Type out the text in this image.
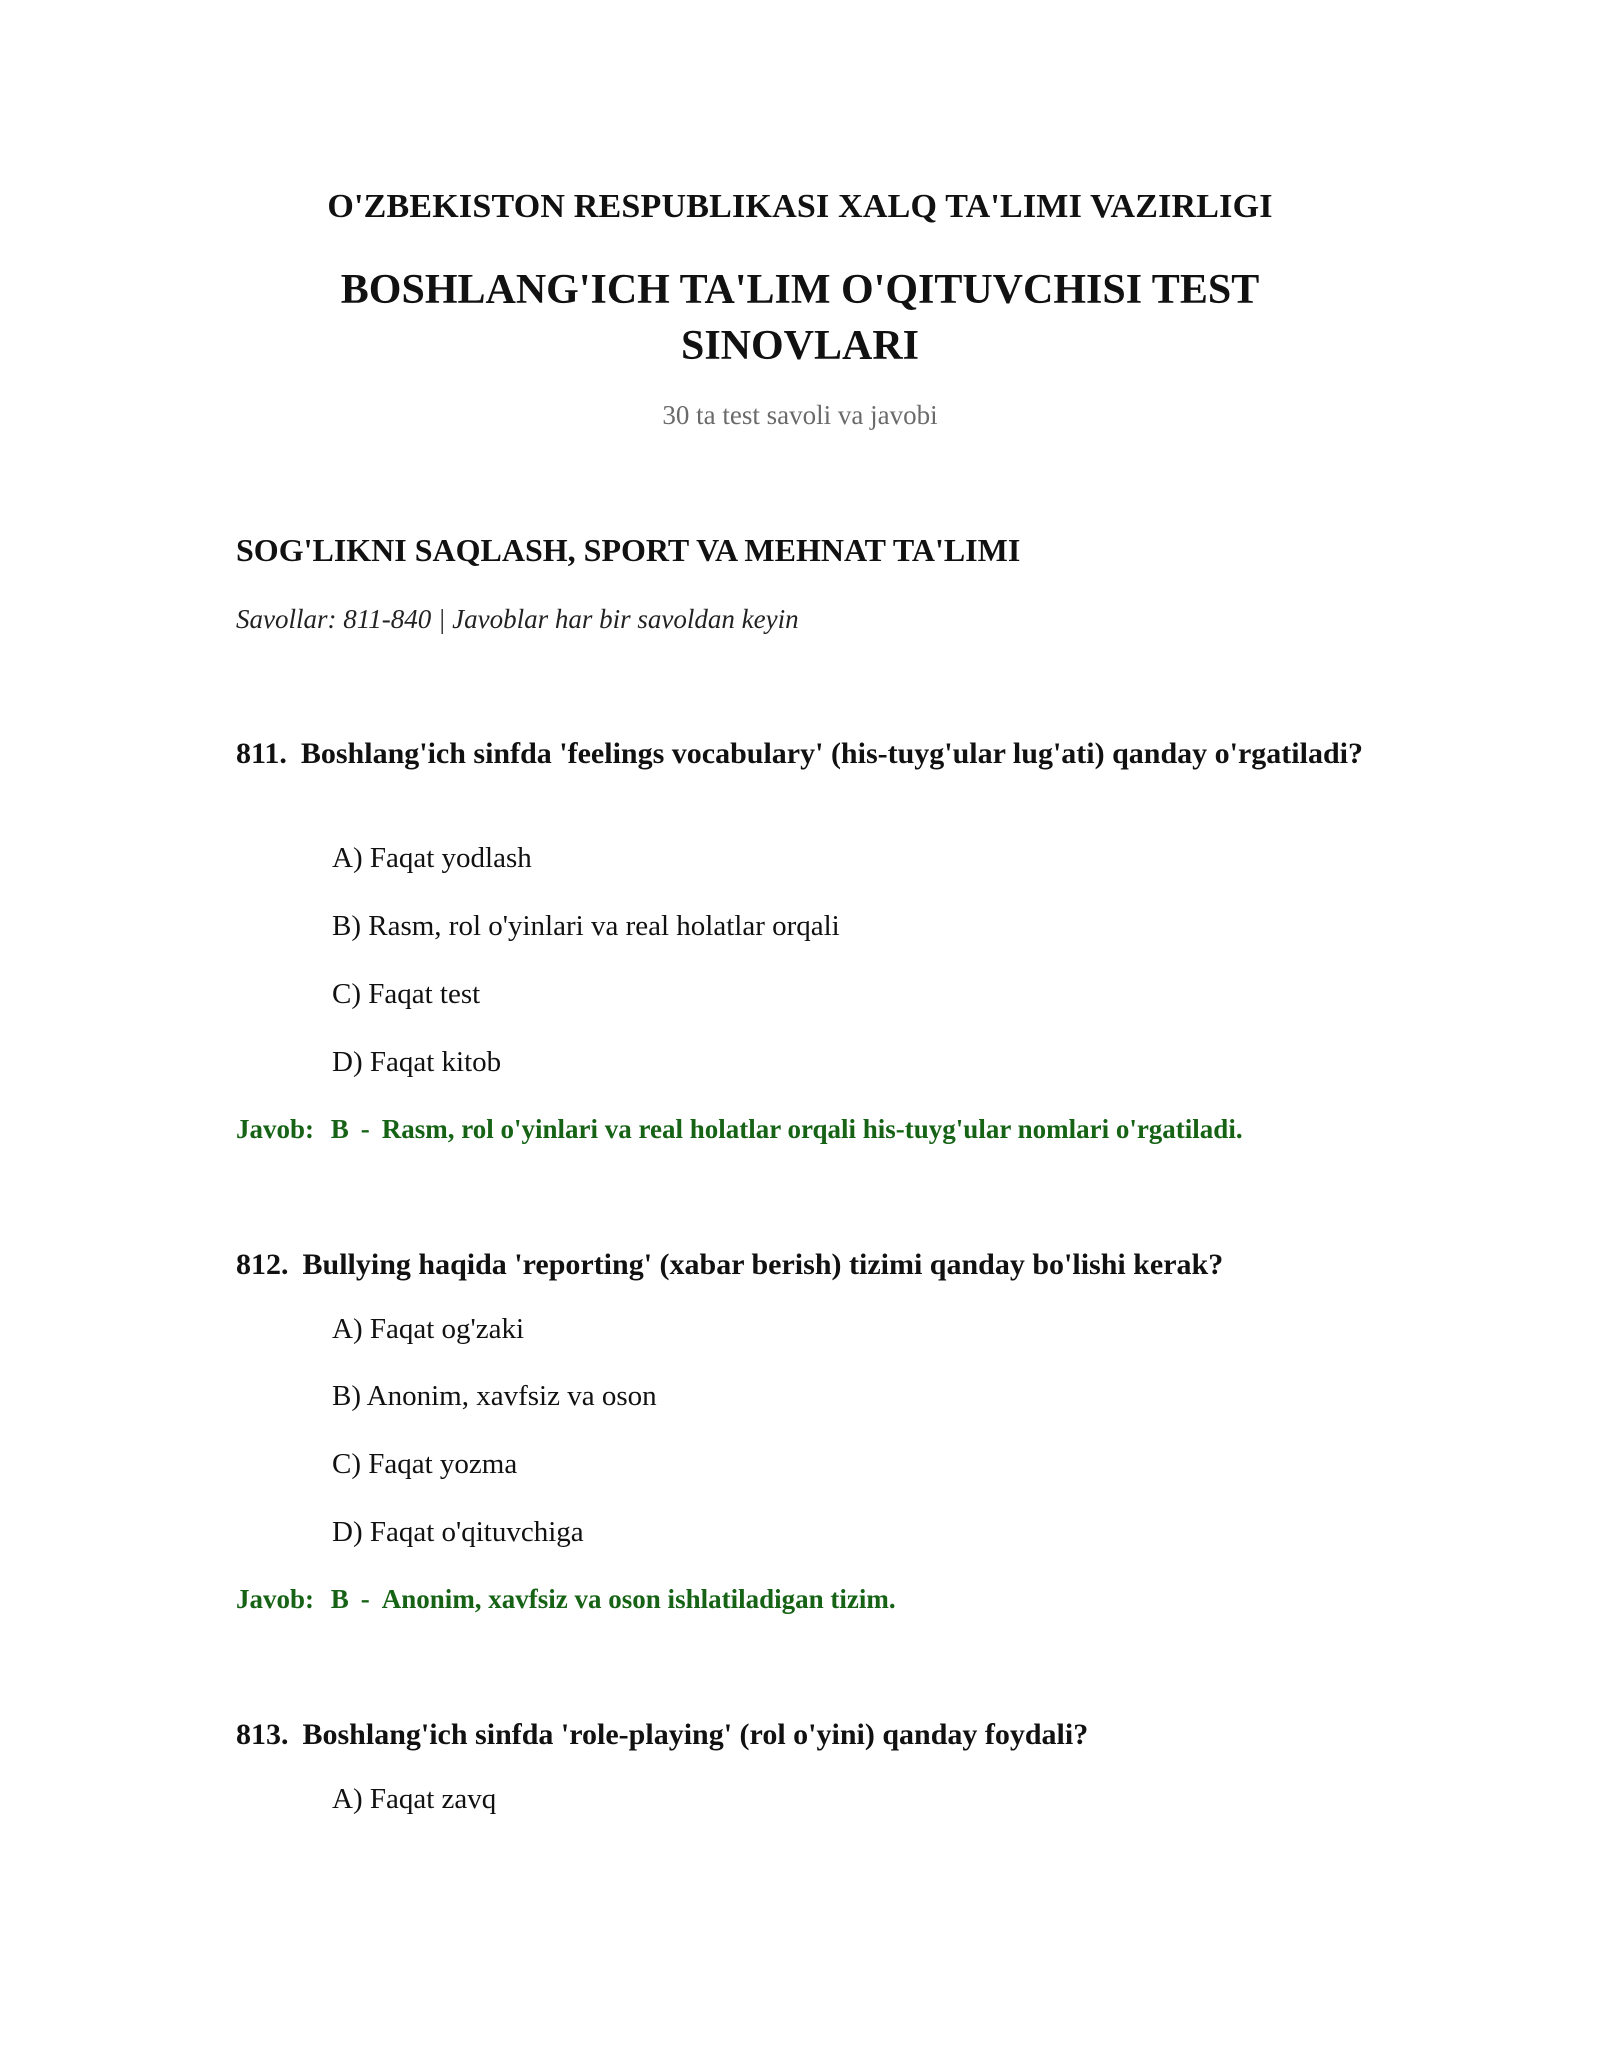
O'ZBEKISTON RESPUBLIKASI XALQ TA'LIMI VAZIRLIGI
BOSHLANG'ICH TA'LIM O'QITUVCHISI TEST SINOVLARI
30 ta test savoli va javobi
SOG'LIKNI SAQLASH, SPORT VA MEHNAT TA'LIMI
Savollar: 811-840 | Javoblar har bir savoldan keyin
811. Boshlang'ich sinfda 'feelings vocabulary' (his-tuyg'ular lug'ati) qanday o'rgatiladi?
A) Faqat yodlash
B) Rasm, rol o'yinlari va real holatlar orqali
C) Faqat test
D) Faqat kitob
Javob: B - Rasm, rol o'yinlari va real holatlar orqali his-tuyg'ular nomlari o'rgatiladi.
812. Bullying haqida 'reporting' (xabar berish) tizimi qanday bo'lishi kerak?
A) Faqat og'zaki
B) Anonim, xavfsiz va oson
C) Faqat yozma
D) Faqat o'qituvchiga
Javob: B - Anonim, xavfsiz va oson ishlatiladigan tizim.
813. Boshlang'ich sinfda 'role-playing' (rol o'yini) qanday foydali?
A) Faqat zavq
